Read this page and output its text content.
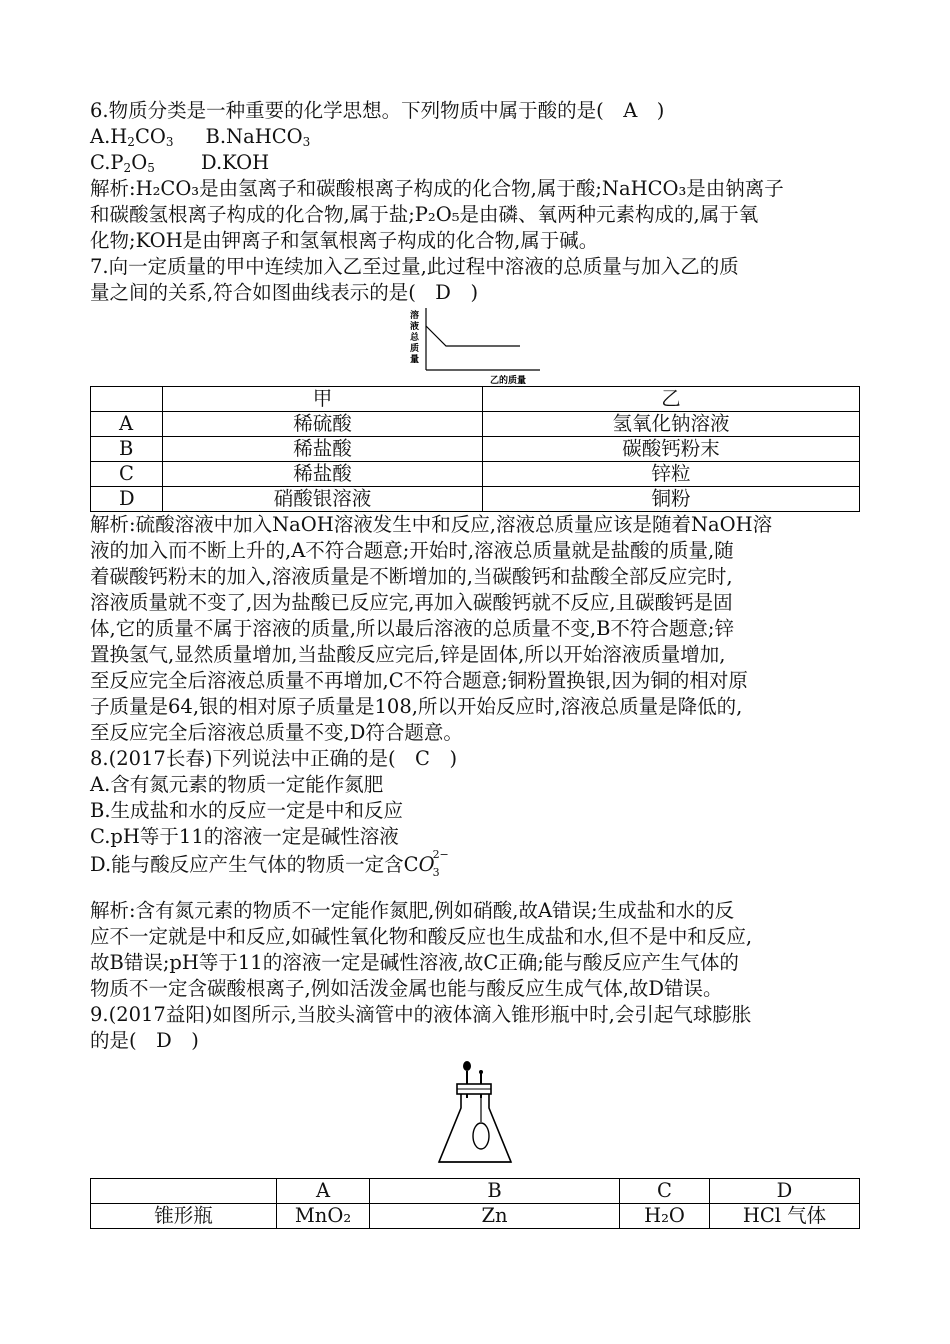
6.物质分类是一种重要的化学思想。下列物质中属于酸的是(　A　)

$A.H_2CO_3$ B.NaHCO$_3$

$C.P_2O_5$ D.KOH

解析:H₂CO₃是由氢离子和碳酸根离子构成的化合物,属于酸;NaHCO₃是由钠离子

和碳酸氢根离子构成的化合物,属于盐;P₂O₅是由磷、氧两种元素构成的,属于氧

化物;KOH是由钾离子和氢氧根离子构成的化合物,属于碱。

7.向一定质量的甲中连续加入乙至过量,此过程中溶液的总质量与加入乙的质

量之间的关系,符合如图曲线表示的是(　D　)

溶
液
总
质
量
乙的质量
	甲	乙
A	稀硫酸	氢氧化钠溶液
B	稀盐酸	碳酸钙粉末
C	稀盐酸	锌粒
D	硝酸银溶液	铜粉

解析:硫酸溶液中加入NaOH溶液发生中和反应,溶液总质量应该是随着NaOH溶

液的加入而不断上升的,A不符合题意;开始时,溶液总质量就是盐酸的质量,随

着碳酸钙粉末的加入,溶液质量是不断增加的,当碳酸钙和盐酸全部反应完时,

溶液质量就不变了,因为盐酸已反应完,再加入碳酸钙就不反应,且碳酸钙是固

体,它的质量不属于溶液的质量,所以最后溶液的总质量不变,B不符合题意;锌

置换氢气,显然质量增加,当盐酸反应完后,锌是固体,所以开始溶液质量增加,

至反应完全后溶液总质量不再增加,C不符合题意;铜粉置换银,因为铜的相对原

子质量是64,银的相对原子质量是108,所以开始反应时,溶液总质量是降低的,

至反应完全后溶液总质量不变,D符合题意。

8.(2017长春)下列说法中正确的是(　C　)

A.含有氮元素的物质一定能作氮肥

B.生成盐和水的反应一定是中和反应

C.pH等于11的溶液一定是碱性溶液

D.能与酸反应产生气体的物质一定含CO
2−
3

解析:含有氮元素的物质不一定能作氮肥,例如硝酸,故A错误;生成盐和水的反

应不一定就是中和反应,如碱性氧化物和酸反应也生成盐和水,但不是中和反应,

故B错误;pH等于11的溶液一定是碱性溶液,故C正确;能与酸反应产生气体的

物质不一定含碳酸根离子,例如活泼金属也能与酸反应生成气体,故D错误。

9.(2017益阳)如图所示,当胶头滴管中的液体滴入锥形瓶中时,会引起气球膨胀

的是(　D　)

	A	B	C	D
锥形瓶	MnO₂	Zn	H₂O	HCl 气体
